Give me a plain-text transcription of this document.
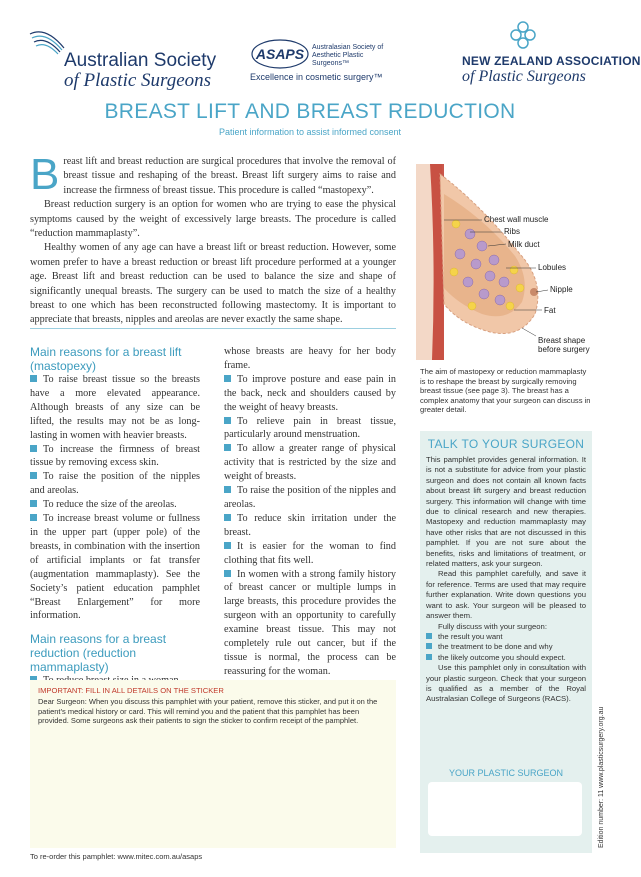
Australian Society
of Plastic Surgeons
ASAPS Australasian Society of
Aesthetic Plastic
Surgeons™
Excellence in cosmetic surgery™
NEW ZEALAND ASSOCIATION
of Plastic Surgeons
BREAST LIFT AND BREAST REDUCTION
Patient information to assist informed consent

Breast lift and breast reduction are surgical procedures that involve the removal of breast tissue and reshaping of the breast. Breast lift surgery aims to raise and increase the firmness of breast tissue. This procedure is called “mastopexy”.

Breast reduction surgery is an option for women who are trying to ease the physical symptoms caused by the weight of excessively large breasts. The procedure is called “reduction mammaplasty”.

Healthy women of any age can have a breast lift or breast reduction. However, some women prefer to have a breast reduction or breast lift procedure performed at a younger age. Breast lift and breast reduction can be used to balance the size and shape of significantly unequal breasts. The surgery can be used to match the size of a healthy breast to one which has been reconstructed following mastectomy. It is important to appreciate that breasts, nipples and areolas are never exactly the same shape.

Main reasons for a breast lift (mastopexy)

To raise breast tissue so the breasts have a more elevated appearance. Although breasts of any size can be lifted, the results may not be as long-lasting in women with heavier breasts.

To increase the firmness of breast tissue by removing excess skin.

To raise the position of the nipples and areolas.

To reduce the size of the areolas.

To increase breast volume or fullness in the upper part (upper pole) of the breasts, in combination with the insertion of artificial implants or fat transfer (augmentation mammaplasty). See the Society’s patient education pamphlet “Breast Enlargement” for more information.

Main reasons for a breast reduction (reduction mammaplasty)

whose breasts are heavy for her body frame.

To improve posture and ease pain in the back, neck and shoulders caused by the weight of heavy breasts.

To relieve pain in breast tissue, particularly around menstruation.

To allow a greater range of physical activity that is restricted by the size and weight of breasts.

To raise the position of the nipples and areolas.

To reduce skin irritation under the breast.

It is easier for the woman to find clothing that fits well.

In women with a strong family history of breast cancer or multiple lumps in large breasts, this procedure provides the surgeon with an opportunity to carefully examine breast tissue. This may not completely rule out cancer, but if the tissue is normal, the process can be reassuring for the woman.

Chest wall muscle
Ribs
Milk duct
Lobules
Nipple
Fat
Breast shape
before surgery
The aim of mastopexy or reduction mammaplasty is to reshape the breast by surgically removing breast tissue (see page 3). The breast has a complex anatomy that your surgeon can discuss in greater detail.
TALK TO YOUR SURGEON

This pamphlet provides general information. It is not a substitute for advice from your plastic surgeon and does not contain all known facts about breast lift surgery and breast reduction surgery. This information will change with time due to clinical research and new therapies. Mastopexy and reduction mammaplasty may have other risks that are not discussed in this pamphlet. If you are not sure about the benefits, risks and limitations of treatment, or related matters, ask your surgeon.

Read this pamphlet carefully, and save it for reference. Terms are used that may require further explanation. Write down questions you want to ask. Your surgeon will be pleased to answer them.

Fully discuss with your surgeon:

the result you want
the treatment to be done and why
the likely outcome you should expect.

Use this pamphlet only in consultation with your plastic surgeon. Check that your surgeon is qualified as a member of the Royal Australasian College of Surgeons (RACS).

YOUR PLASTIC SURGEON
IMPORTANT: FILL IN ALL DETAILS ON THE STICKER
Dear Surgeon: When you discuss this pamphlet with your patient, remove this sticker, and put it on the patient’s medical history or card. This will remind you and the patient that this pamphlet has been provided. Some surgeons ask their patients to sign the sticker to confirm receipt of the pamphlet.
To re-order this pamphlet: www.mitec.com.au/asaps
Edition number: 11 www.plasticsurgery.org.au
